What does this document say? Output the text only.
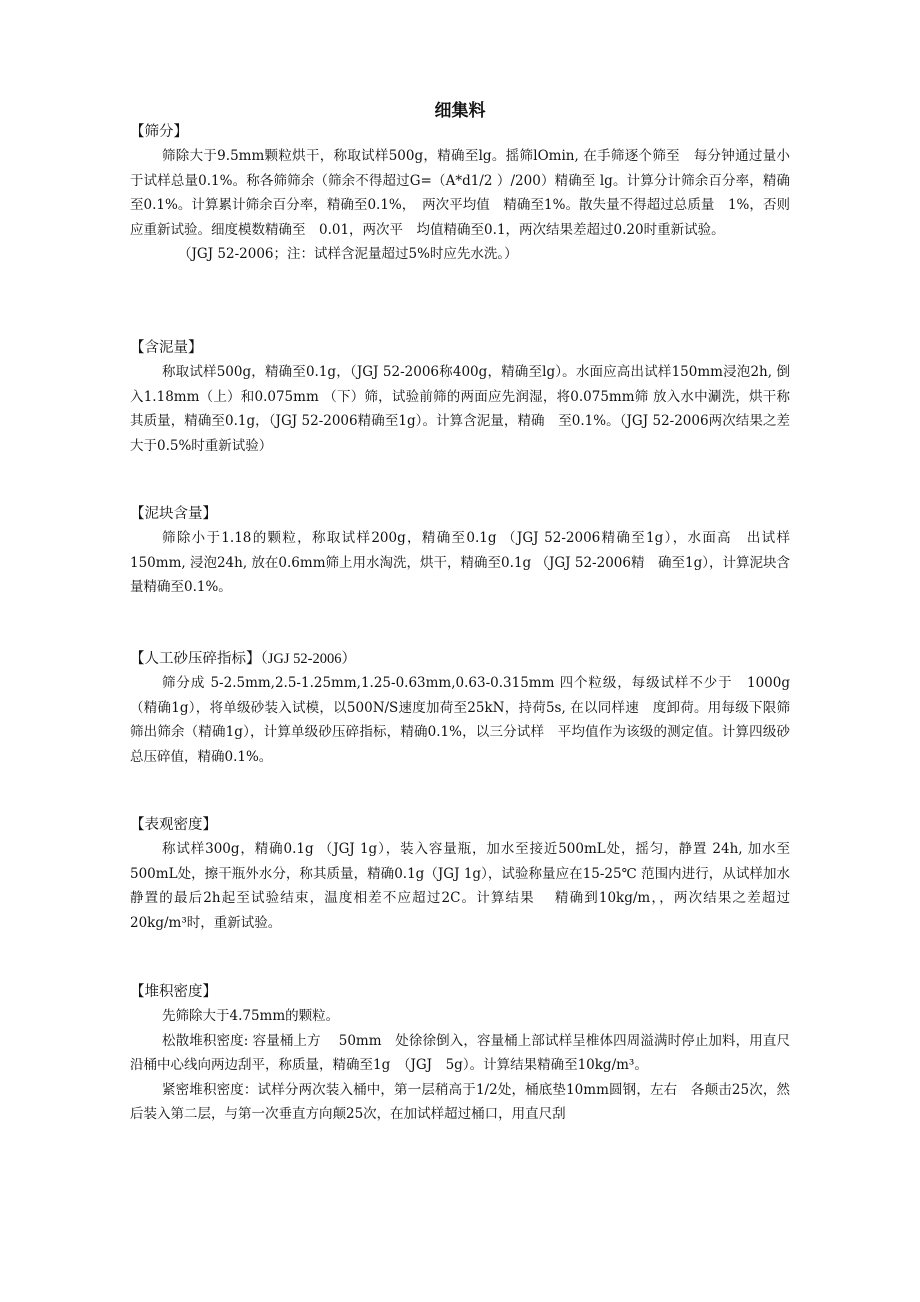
细集料
【筛分】

筛除大于9.5mm颗粒烘干，称取试样500g，精确至lg。摇筛lOmin, 在手筛逐个筛至　每分钟通过量小于试样总量0.1%。称各筛筛余（筛余不得超过G=（A*d1/2 ）/200）精确至 lg。计算分计筛余百分率，精确至0.1%。计算累计筛余百分率，精确至0.1%，　两次平均值　精确至1%。散失量不得超过总质量　1%，否则应重新试验。细度模数精确至　0.01，两次平　均值精确至0.1，两次结果差超过0.20时重新试验。

（JGJ 52-2006；注：试样含泥量超过5%时应先水洗。）
【含泥量】

称取试样500g，精确至0.1g，（JGJ 52-2006称400g，精确至lg）。水面应高出试样150mm浸泡2h, 倒入1.18mm（上）和0.075mm （下）筛，试验前筛的两面应先润湿，将0.075mm筛 放入水中涮洗，烘干称其质量，精确至0.1g，（JGJ 52-2006精确至1g）。计算含泥量，精确　至0.1%。（JGJ 52-2006两次结果之差大于0.5%时重新试验）

【泥块含量】

筛除小于1.18的颗粒，称取试样200g，精确至0.1g （JGJ 52-2006精确至1g），水面高　出试样150mm, 浸泡24h, 放在0.6mm筛上用水淘洗，烘干，精确至0.1g （JGJ 52-2006精　确至1g），计算泥块含量精确至0.1%。

【人工砂压碎指标】（JGJ 52-2006）

筛分成 5-2.5mm,2.5-1.25mm,1.25-0.63mm,0.63-0.315mm 四个粒级，每级试样不少于　1000g（精确1g），将单级砂装入试模，以500N/S速度加荷至25kN，持荷5s, 在以同样速　度卸荷。用每级下限筛筛出筛余（精确1g），计算单级砂压碎指标，精确0.1%，以三分试样　平均值作为该级的测定值。计算四级砂总压碎值，精确0.1%。

【表观密度】

称试样300g，精确0.1g （JGJ 1g），装入容量瓶，加水至接近500mL处，摇匀，静置 24h, 加水至500mL处，擦干瓶外水分，称其质量，精确0.1g（JGJ 1g），试验称量应在15-25℃ 范围内进行，从试样加水静置的最后2h起至试验结束，温度相差不应超过2C。计算结果　 精确到10kg/m，，两次结果之差超过20kg/m³时，重新试验。

【堆积密度】

先筛除大于4.75mm的颗粒。

松散堆积密度: 容量桶上方　 50mm　处徐徐倒入，容量桶上部试样呈椎体四周溢满时停止加料，用直尺沿桶中心线向两边刮平，称质量，精确至1g　（JGJ　5g）。计算结果精确至10kg/m³。

紧密堆积密度：试样分两次装入桶中，第一层稍高于1/2处，桶底垫10mm圆钢，左右　各颠击25次，然后装入第二层，与第一次垂直方向颠25次，在加试样超过桶口，用直尺刮
